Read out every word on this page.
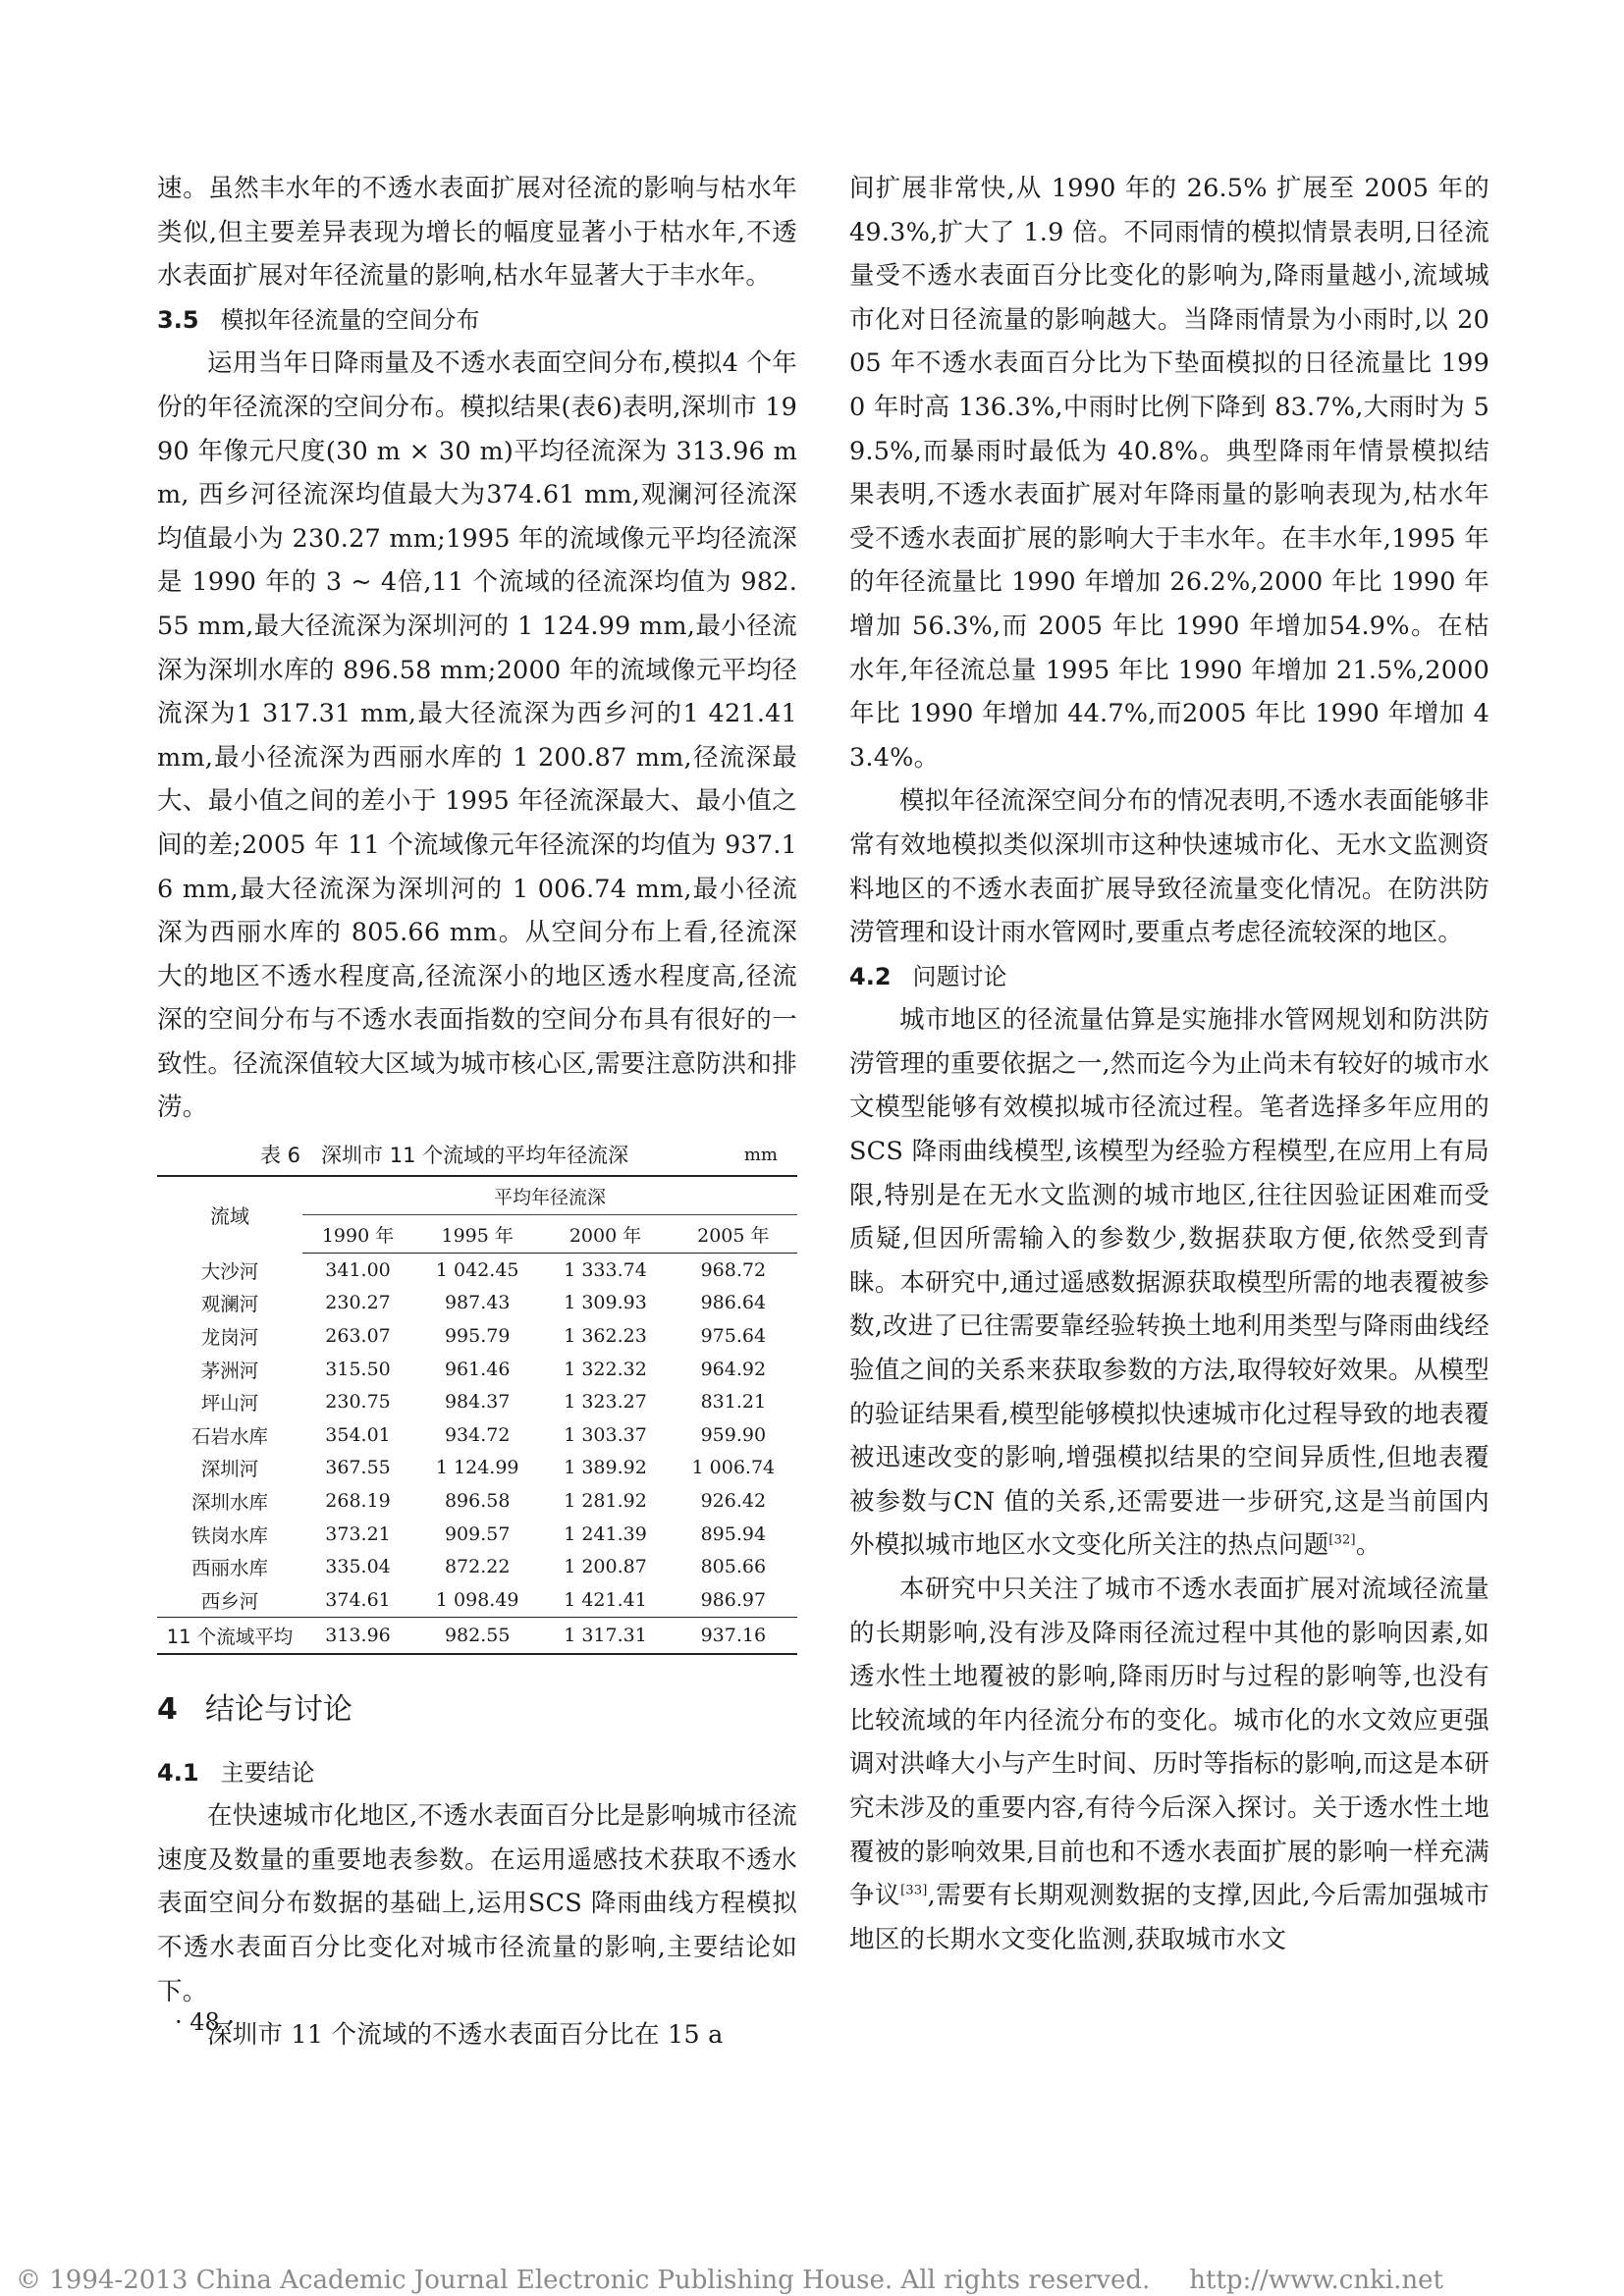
速。虽然丰水年的不透水表面扩展对径流的影响与枯水年类似,但主要差异表现为增长的幅度显著小于枯水年,不透水表面扩展对年径流量的影响,枯水年显著大于丰水年。

3.5 模拟年径流量的空间分布

运用当年日降雨量及不透水表面空间分布,模拟4 个年份的年径流深的空间分布。模拟结果(表6)表明,深圳市 1990 年像元尺度(30 m × 30 m)平均径流深为 313.96 mm, 西乡河径流深均值最大为374.61 mm,观澜河径流深均值最小为 230.27 mm;1995 年的流域像元平均径流深是 1990 年的 3 ~ 4倍,11 个流域的径流深均值为 982.55 mm,最大径流深为深圳河的 1 124.99 mm,最小径流深为深圳水库的 896.58 mm;2000 年的流域像元平均径流深为1 317.31 mm,最大径流深为西乡河的1 421.41 mm,最小径流深为西丽水库的 1 200.87 mm,径流深最大、最小值之间的差小于 1995 年径流深最大、最小值之间的差;2005 年 11 个流域像元年径流深的均值为 937.16 mm,最大径流深为深圳河的 1 006.74 mm,最小径流深为西丽水库的 805.66 mm。从空间分布上看,径流深大的地区不透水程度高,径流深小的地区透水程度高,径流深的空间分布与不透水表面指数的空间分布具有很好的一致性。径流深值较大区域为城市核心区,需要注意防洪和排涝。

表 6　深圳市 11 个流域的平均年径流深	mm
流域	平均年径流深			
	1990 年	1995 年	2000 年	2005 年
大沙河	341.00	1 042.45	1 333.74	968.72
观澜河	230.27	987.43	1 309.93	986.64
龙岗河	263.07	995.79	1 362.23	975.64
茅洲河	315.50	961.46	1 322.32	964.92
坪山河	230.75	984.37	1 323.27	831.21
石岩水库	354.01	934.72	1 303.37	959.90
深圳河	367.55	1 124.99	1 389.92	1 006.74
深圳水库	268.19	896.58	1 281.92	926.42
铁岗水库	373.21	909.57	1 241.39	895.94
西丽水库	335.04	872.22	1 200.87	805.66
西乡河	374.61	1 098.49	1 421.41	986.97
11 个流域平均	313.96	982.55	1 317.31	937.16
4 结论与讨论
4.1 主要结论

在快速城市化地区,不透水表面百分比是影响城市径流速度及数量的重要地表参数。在运用遥感技术获取不透水表面空间分布数据的基础上,运用SCS 降雨曲线方程模拟不透水表面百分比变化对城市径流量的影响,主要结论如下。

深圳市 11 个流域的不透水表面百分比在 15 a

· 48 ·

间扩展非常快,从 1990 年的 26.5% 扩展至 2005 年的 49.3%,扩大了 1.9 倍。不同雨情的模拟情景表明,日径流量受不透水表面百分比变化的影响为,降雨量越小,流域城市化对日径流量的影响越大。当降雨情景为小雨时,以 2005 年不透水表面百分比为下垫面模拟的日径流量比 1990 年时高 136.3%,中雨时比例下降到 83.7%,大雨时为 59.5%,而暴雨时最低为 40.8%。典型降雨年情景模拟结果表明,不透水表面扩展对年降雨量的影响表现为,枯水年受不透水表面扩展的影响大于丰水年。在丰水年,1995 年的年径流量比 1990 年增加 26.2%,2000 年比 1990 年增加 56.3%,而 2005 年比 1990 年增加54.9%。在枯水年,年径流总量 1995 年比 1990 年增加 21.5%,2000 年比 1990 年增加 44.7%,而2005 年比 1990 年增加 43.4%。

模拟年径流深空间分布的情况表明,不透水表面能够非常有效地模拟类似深圳市这种快速城市化、无水文监测资料地区的不透水表面扩展导致径流量变化情况。在防洪防涝管理和设计雨水管网时,要重点考虑径流较深的地区。

4.2 问题讨论

城市地区的径流量估算是实施排水管网规划和防洪防涝管理的重要依据之一,然而迄今为止尚未有较好的城市水文模型能够有效模拟城市径流过程。笔者选择多年应用的 SCS 降雨曲线模型,该模型为经验方程模型,在应用上有局限,特别是在无水文监测的城市地区,往往因验证困难而受质疑,但因所需输入的参数少,数据获取方便,依然受到青睐。本研究中,通过遥感数据源获取模型所需的地表覆被参数,改进了已往需要靠经验转换土地利用类型与降雨曲线经验值之间的关系来获取参数的方法,取得较好效果。从模型的验证结果看,模型能够模拟快速城市化过程导致的地表覆被迅速改变的影响,增强模拟结果的空间异质性,但地表覆被参数与CN 值的关系,还需要进一步研究,这是当前国内外模拟城市地区水文变化所关注的热点问题[32]。

本研究中只关注了城市不透水表面扩展对流域径流量的长期影响,没有涉及降雨径流过程中其他的影响因素,如透水性土地覆被的影响,降雨历时与过程的影响等,也没有比较流域的年内径流分布的变化。城市化的水文效应更强调对洪峰大小与产生时间、历时等指标的影响,而这是本研究未涉及的重要内容,有待今后深入探讨。关于透水性土地覆被的影响效果,目前也和不透水表面扩展的影响一样充满争议[33],需要有长期观测数据的支撑,因此,今后需加强城市地区的长期水文变化监测,获取城市水文

© 1994-2013 China Academic Journal Electronic Publishing House. All rights reserved. http://www.cnki.net
